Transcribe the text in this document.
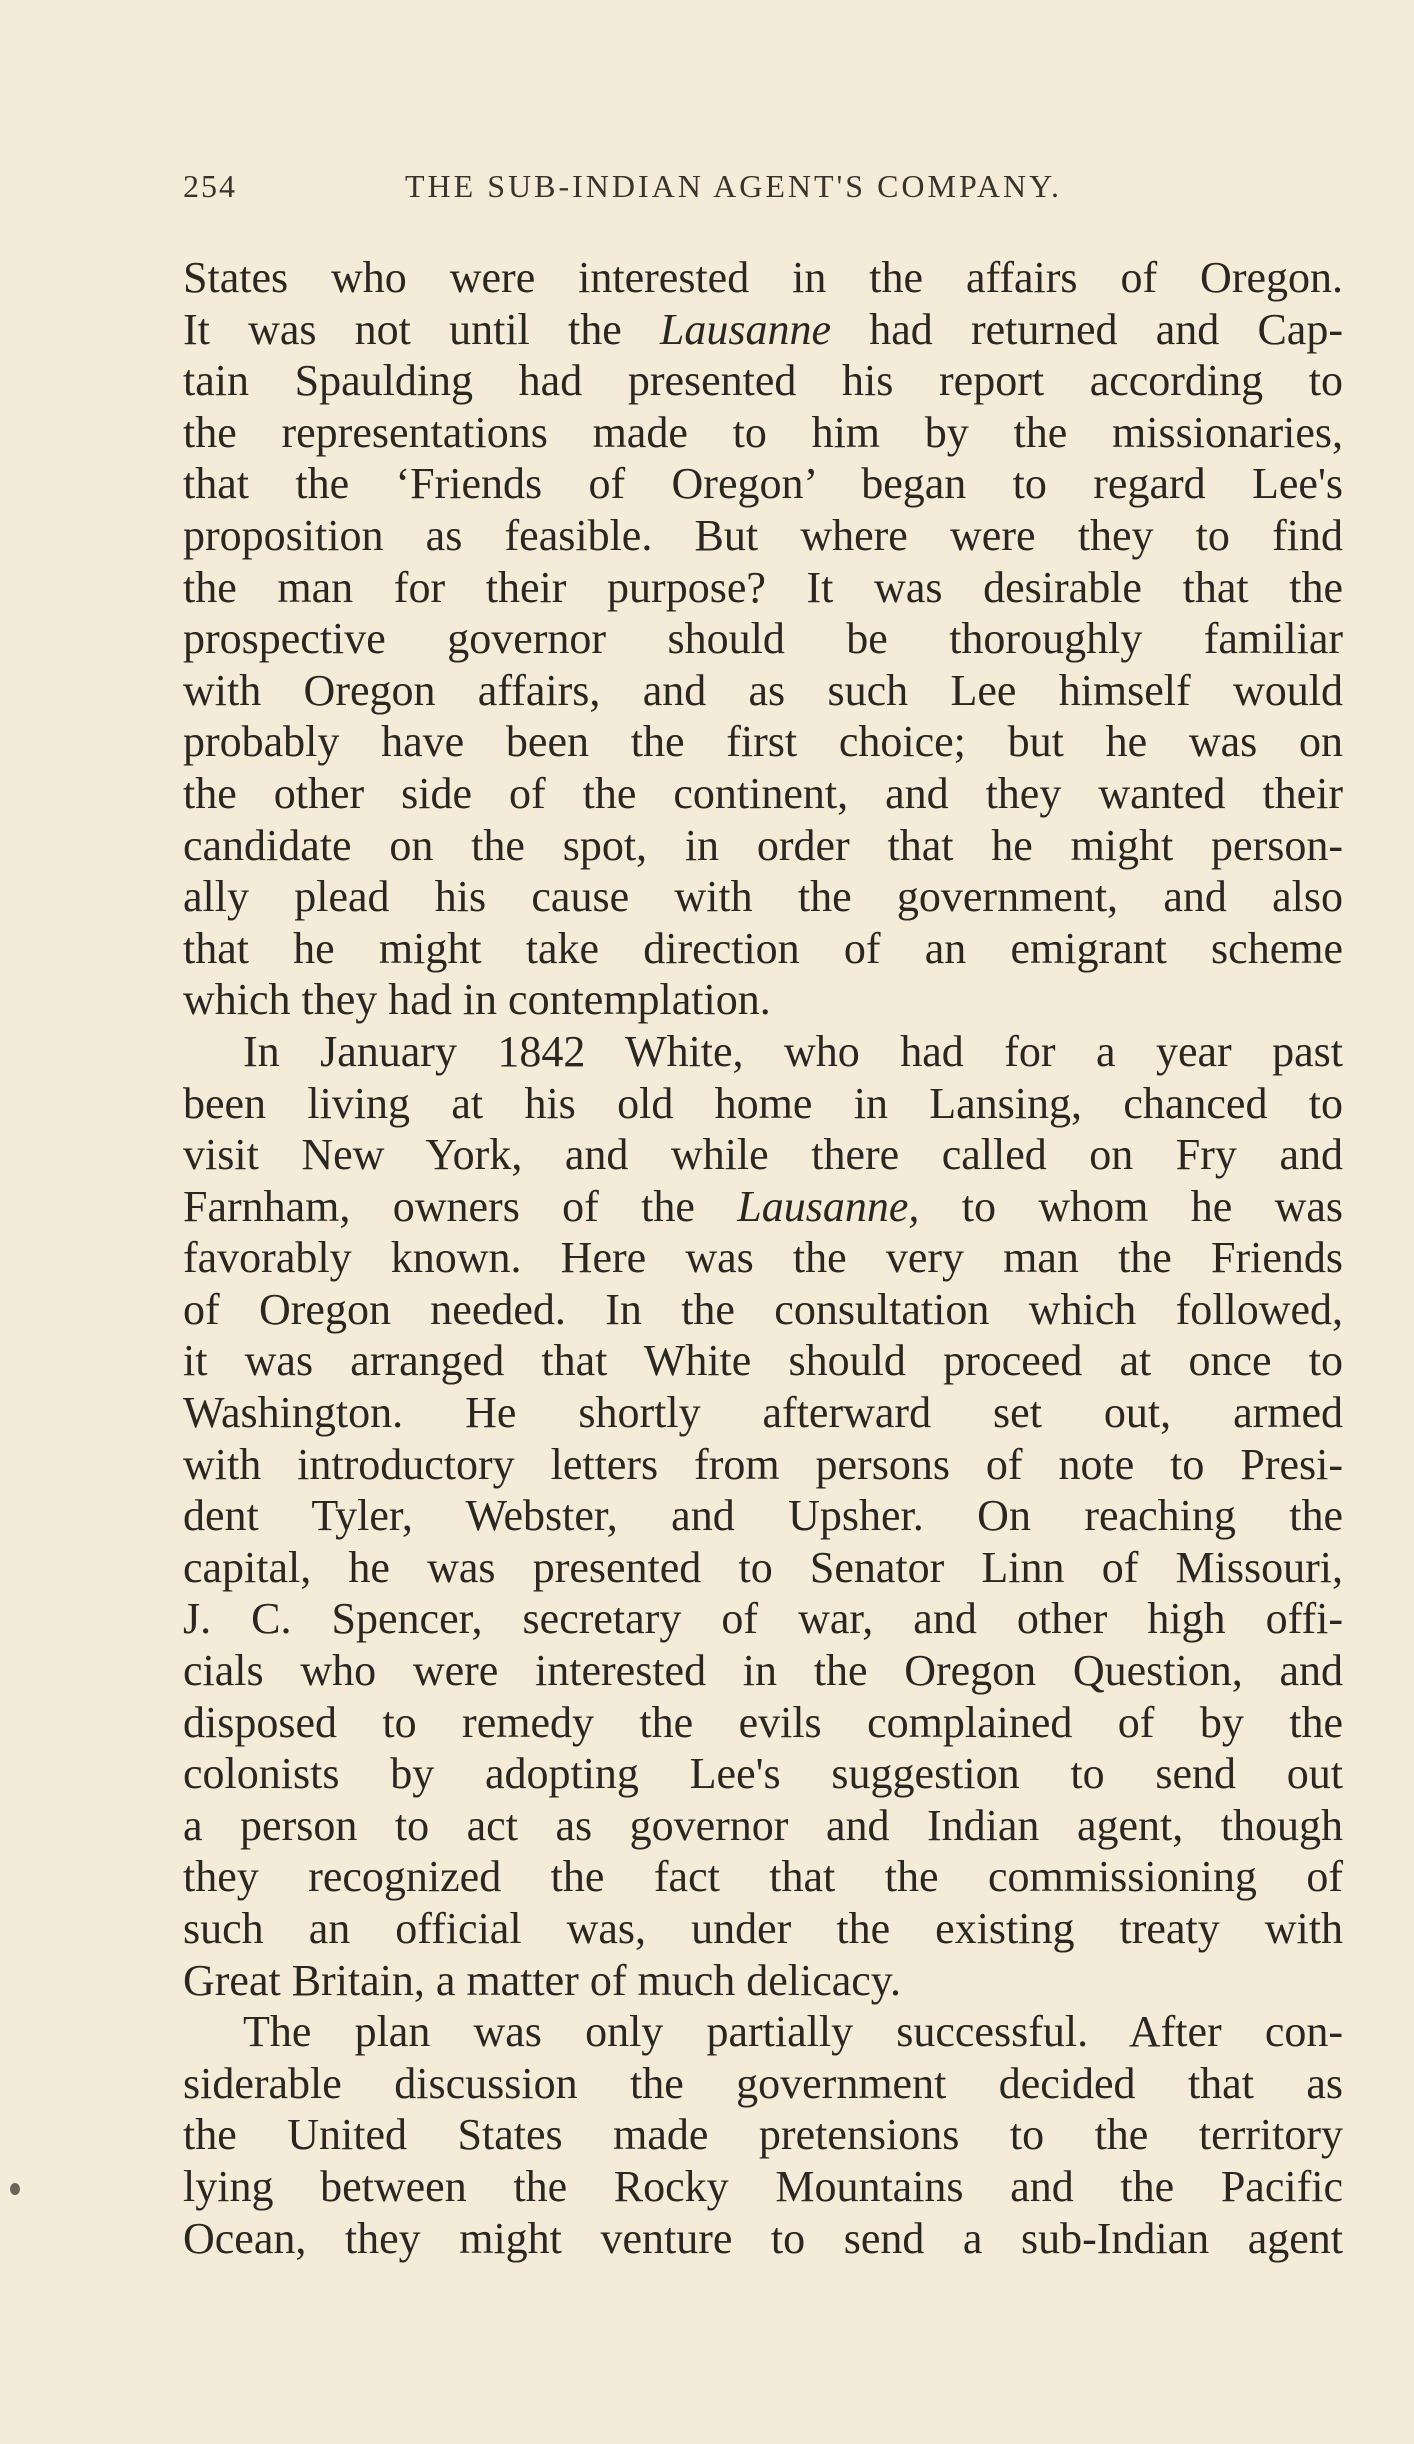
254	THE SUB-INDIAN AGENT'S COMPANY.
States who were interested in the affairs of Oregon.
It was not until the Lausanne had returned and Cap-
tain Spaulding had presented his report according to
the representations made to him by the missionaries,
that the ‘Friends of Oregon’ began to regard Lee's
proposition as feasible. But where were they to find
the man for their purpose? It was desirable that the
prospective governor should be thoroughly familiar
with Oregon affairs, and as such Lee himself would
probably have been the first choice; but he was on
the other side of the continent, and they wanted their
candidate on the spot, in order that he might person-
ally plead his cause with the government, and also
that he might take direction of an emigrant scheme
which they had in contemplation.
In January 1842 White, who had for a year past
been living at his old home in Lansing, chanced to
visit New York, and while there called on Fry and
Farnham, owners of the Lausanne, to whom he was
favorably known. Here was the very man the Friends
of Oregon needed. In the consultation which followed,
it was arranged that White should proceed at once to
Washington. He shortly afterward set out, armed
with introductory letters from persons of note to Presi-
dent Tyler, Webster, and Upsher. On reaching the
capital, he was presented to Senator Linn of Missouri,
J. C. Spencer, secretary of war, and other high offi-
cials who were interested in the Oregon Question, and
disposed to remedy the evils complained of by the
colonists by adopting Lee's suggestion to send out
a person to act as governor and Indian agent, though
they recognized the fact that the commissioning of
such an official was, under the existing treaty with
Great Britain, a matter of much delicacy.
The plan was only partially successful. After con-
siderable discussion the government decided that as
the United States made pretensions to the territory
lying between the Rocky Mountains and the Pacific
Ocean, they might venture to send a sub-Indian agent
